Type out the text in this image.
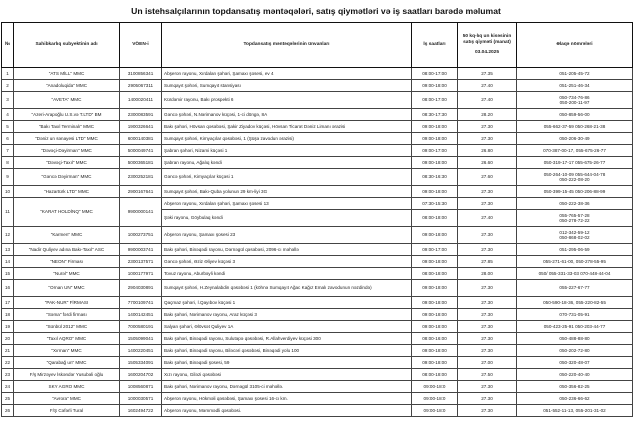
Un istehsalçılarının topdansatış məntəqələri, satış qiymətləri və iş saatları barədə məlumat
№	Sahibkarlıq subyektinin adı	VÖEN-i	Topdansatış məntəqələrinin ünvanları	İş saatları	50 kq-lıq un kisəsinin satış qiyməti (manat)
03.04.2025	Əlaqə nömrələri
1	"ATS MİLL" MMC	3100856341	Abşeron rayonu, Xırdalan şəhəri, Şamaxı şosesi, ev 4	08:00-17:00	27.35	051-205-45-72
2	"Anadoluqida" MMC	2905067311	Sumqayıt şəhəri, Sumqayıt stansiyası	09:00-18:00	27.40	051-251-46-34
3	"AVETA" MMC	1400020411	Kürdəmir rayonu, Bakı prospekti 6	08:00-17:00	27.40	050-734-76-86
050-200-11-97
4	"Azeri-Arapoğlu U.S.və T.LTD" BM	2300083591	Gəncə şəhəri, N.Nərimanov küçəsi, 1-ci döngə, 8A	08:30-17:30	28.20	050-859-56-00
5	"Bakı Taxıl Terminalı" MMC	1900326641	Bakı şəhəri, Hövsan qəsəbəsi, Şakir Ziyadov küçəsi, Hövsan Ticarət Dəniz Limanı ərazisi	09:00-18:00	27.30	055-662-37-59 050-268-21-38
6	"Dəniz un sənayesi LTD" MMC	6000140381	Sumqayıt şəhəri, Kimyaçılar qəsəbəsi, 1 (Şüşə zavodun ərazisi)	09:00-18:00	27.30	050-206-30-49
7	"Dəvəçi-Dəyirman" MMC	5000049741	Şabran şəhəri, Nizami küçəsi 1	09:00-17:00	26.80	070-387-00-17, 055-675-26-77
8	"Dəvəçi-Taxıl" MMC	5000365181	Şabran rayonu, Ağalıq kəndi	09:00-18:00	26.60	050-319-17-17 055-675-26-77
9	"Gəncə Dəyirman" MMC	2300252181	Gəncə şəhəri, Kimyaçılar küçəsi 1	08:30-16:30	27.60	050-264-10-09 055-644-04-78
050-222-08-20
10	"Hazartürk LTD" MMC	2900167641	Sumqayıt şəhəri, Bakı-Quba yolunun 29 km-liyi 3G	09:00-18:00	27.30	050-399-15-45 050-206-88-99
11	"KARAT HOLDİNQ" MMC	9900000141	Abşeron rayonu, Xırdalan şəhəri, Şamaxı şosesi 13	07:30-15:30	27.30	050-222-38-36
			Şəki rayonu, Göybulaq kəndi	08:00-18:00	27.40	055-765-57-28
050-278-72-22
12	"Karmen" MMC	1000273751	Abşeron rayonu, Şamaxı şosesi 23	09:00-18:00	27.30	012-342-59-12
050-868-02-02
13	"Nadir Quliyev adına Bakı-Taxıl" ASC	9900003741	Bakı şəhəri, Binəqədi rayonu, Dərnəgül qəsəbəsi, 2096-cı məhəllə	09:00-17:00	27.30	051-295-06-59
14	"NEON" Firması	2300137571	Gəncə şəhəri, Əziz Əliyev küçəsi 3	09:00-18:00	27.85	055-271-61-00, 050-278-55-95
15	"Nurəl" MMC	1000177971	Tovuz rayonu, Aburbəyli kəndi	08:00-18:00	28.00	050/ 055-331-33-03 070-448-44-04
16	"Ornan UN" MMC	2904030891	Sumqayıt şəhəri, H.Zeynalabdin qəsəbəsi 1 (köhnə Sumqayıt Ağac Kağız Emalı zavodunun nəzdində)	09:00-18:00	27.30	055-227-67-77
17	"PAK-NUR" FİRMASI	7700109741	Qaçmaz şəhəri, İ.Qayıbov küçəsi 1	09:00-18:00	27.30	050-590-18-36, 055-220-82-55
18	"Səma" fərdi firması	1400142451	Bakı şəhəri, Nərimanov rayonu, Araz küçəsi 3	09:00-18:00	27.30	070-731-05-91
19	"Sünbül 2012" MMC	7000580191	Salyan şəhəri, Əlövsət Quliyev 1A	09:00-18:00	27.30	050-423-25-91 050-203-44-77
20	"Taxıl AQRO" MMC	1505099041	Bakı şəhəri, Binəqədi rayonu, Sulutəpə qəsəbəsi, R.Allahverdiyev küçəsi 300	08:00-16:00	27.30	050-488-88-80
21	"Xırman" MMC	1400220451	Bakı şəhəri, Binəqədi rayonu, Biləcəri qəsəbəsi, Binəqədi yolu 100	09:00-18:00	27.30	050-202-72-80
22	"Qarabağ un" MMC	1505334091	Bakı şəhəri, Binəqədi şosesi, 59	09:00-18:00	27.00	050-320-48-07
23	F/ş Mirzəyev İskəndər Yusubəli oğlu	1600204702	Xızı rayonu, Giləzi qəsəbəsi	08:00-18:00	27.50	050-220-40-40
24	SKY AGRO MMC	1008560871	Bakı şəhəri, Nərimanov rayonu, Dərnəgül 3105-ci məhəllə.	09:00-18:0	27.30	050-356-82-25
25	"Avrora" MMC	1000030571	Abşeron rayonu, Hökməli qəsəbəsi, Şamaxı şosesi 16-cı km.	09:00-18:0	27.30	050-236-66-62
26	F/Ş Cəfərli Tural	1602494722	Abşeron rayonu, Məmmədli qəsəbəsi.	09:00-18:0	27.30	051-552-11-13, 055-201-31-02
